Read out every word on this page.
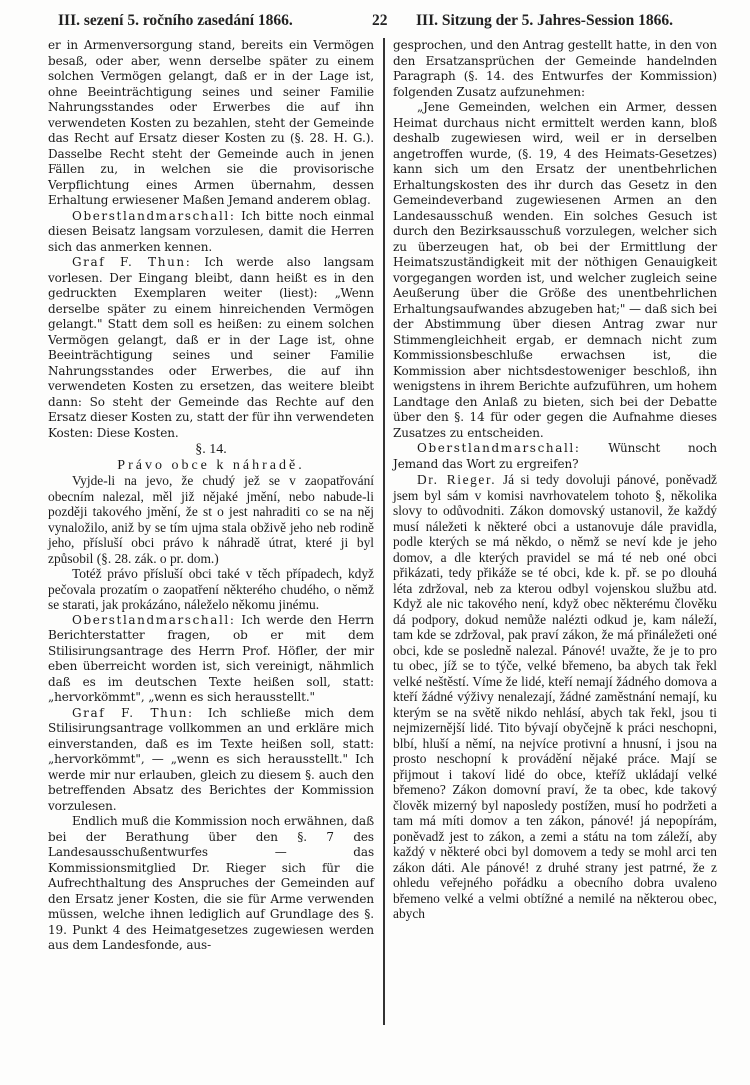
III. sezení 5. ročního zasedání 1866.	22 III. Sitzung der 5. Jahres-Session 1866.

er in Armenversorgung stand, bereits ein Vermögen besaß, oder aber, wenn derselbe später zu einem solchen Vermögen gelangt, daß er in der Lage ist, ohne Beeinträchtigung seines und seiner Familie Nahrungsstandes oder Erwerbes die auf ihn verwendeten Kosten zu bezahlen, steht der Gemeinde das Recht auf Ersatz dieser Kosten zu (§. 28. H. G.). Dasselbe Recht steht der Gemeinde auch in jenen Fällen zu, in welchen sie die provisorische Verpflichtung eines Armen übernahm, dessen Erhaltung erwiesener Maßen Jemand anderem oblag.

Oberstlandmarschall: Ich bitte noch einmal diesen Beisatz langsam vorzulesen, damit die Herren sich das anmerken kennen.

Graf F. Thun: Ich werde also langsam vorlesen. Der Eingang bleibt, dann heißt es in den gedruckten Exemplaren weiter (liest): „Wenn derselbe später zu einem hinreichenden Vermögen gelangt." Statt dem soll es heißen: zu einem solchen Vermögen gelangt, daß er in der Lage ist, ohne Beeinträchtigung seines und seiner Familie Nahrungsstandes oder Erwerbes, die auf ihn verwendeten Kosten zu ersetzen, das weitere bleibt dann: So steht der Gemeinde das Rechte auf den Ersatz dieser Kosten zu, statt der für ihn verwendeten Kosten: Diese Kosten.

§. 14.

Právo obce k náhradě.

Vyjde-li na jevo, že chudý jež se v zaopatřování obecním nalezal, měl již nějaké jmění, nebo nabude-li později takového jmění, že st o jest nahraditi co se na něj vynaložilo, aniž by se tím ujma stala obživě jeho neb rodině jeho, přísluší obci právo k náhradě útrat, které ji byl způsobil (§. 28. zák. o pr. dom.)

Totéž právo přísluší obci také v těch případech, když pečovala prozatím o zaopatření některého chudého, o němž se starati, jak prokázáno, náleželo někomu jinému.

Oberstlandmarschall: Ich werde den Herrn Berichterstatter fragen, ob er mit dem Stilisirungsantrage des Herrn Prof. Höfler, der mir eben überreicht worden ist, sich vereinigt, nähmlich daß es im deutschen Texte heißen soll, statt: „hervorkömmt", „wenn es sich herausstellt."

Graf F. Thun: Ich schließe mich dem Stilisirungsantrage vollkommen an und erkläre mich einverstanden, daß es im Texte heißen soll, statt: „hervorkömmt", — „wenn es sich herausstellt." Ich werde mir nur erlauben, gleich zu diesem §. auch den betreffenden Absatz des Berichtes der Kommission vorzulesen.

Endlich muß die Kommission noch erwähnen, daß bei der Berathung über den §. 7 des Landesausschußentwurfes — das Kommissionsmitglied Dr. Rieger sich für die Aufrechthaltung des Anspruches der Gemeinden auf den Ersatz jener Kosten, die sie für Arme verwenden müssen, welche ihnen lediglich auf Grundlage des §. 19. Punkt 4 des Heimatgesetzes zugewiesen werden aus dem Landesfonde, aus-

gesprochen, und den Antrag gestellt hatte, in den von den Ersatzansprüchen der Gemeinde handelnden Paragraph (§. 14. des Entwurfes der Kommission) folgenden Zusatz aufzunehmen:

„Jene Gemeinden, welchen ein Armer, dessen Heimat durchaus nicht ermittelt werden kann, bloß deshalb zugewiesen wird, weil er in derselben angetroffen wurde, (§. 19, 4 des Heimats-Gesetzes) kann sich um den Ersatz der unentbehrlichen Erhaltungskosten des ihr durch das Gesetz in den Gemeindeverband zugewiesenen Armen an den Landesausschuß wenden. Ein solches Gesuch ist durch den Bezirksausschuß vorzulegen, welcher sich zu überzeugen hat, ob bei der Ermittlung der Heimatszuständigkeit mit der nöthigen Genauigkeit vorgegangen worden ist, und welcher zugleich seine Aeußerung über die Größe des unentbehrlichen Erhaltungsaufwandes abzugeben hat;" — daß sich bei der Abstimmung über diesen Antrag zwar nur Stimmengleichheit ergab, er demnach nicht zum Kommissionsbeschluße erwachsen ist, die Kommission aber nichtsdestoweniger beschloß, ihn wenigstens in ihrem Berichte aufzuführen, um hohem Landtage den Anlaß zu bieten, sich bei der Debatte über den §. 14 für oder gegen die Aufnahme dieses Zusatzes zu entscheiden.

Oberstlandmarschall: Wünscht noch Jemand das Wort zu ergreifen?

Dr. Rieger. Já si tedy dovoluji pánové, poněvadž jsem byl sám v komisi navrhovatelem tohoto §, několika slovy to odůvodniti. Zákon domovský ustanovil, že každý musí náležeti k některé obci a ustanovuje dále pravidla, podle kterých se má někdo, o němž se neví kde je jeho domov, a dle kterých pravidel se má té neb oné obci přikázati, tedy přikáže se té obci, kde k. př. se po dlouhá léta zdržoval, neb za kterou odbyl vojenskou službu atd. Když ale nic takového není, když obec některému člověku dá podpory, dokud nemůže nalézti odkud je, kam náleží, tam kde se zdržoval, pak praví zákon, že má přináležeti oné obci, kde se posledně nalezal. Pánové! uvažte, že je to pro tu obec, jíž se to týče, velké břemeno, ba abych tak řekl velké neštěstí. Víme že lidé, kteří nemají žádného domova a kteří žádné výživy nenalezají, žádné zaměstnání nemají, ku kterým se na světě nikdo nehlásí, abych tak řekl, jsou ti nejmizernější lidé. Tito bývají obyčejně k práci neschopni, blbí, hluší a němí, na nejvíce protivní a hnusní, i jsou na prosto neschopní k provádění nějaké práce. Mají se přijmout i takoví lidé do obce, kteříž ukládají velké břemeno? Zákon domovní praví, že ta obec, kde takový člověk mizerný byl naposledy postížen, musí ho podržeti a tam má míti domov a ten zákon, pánové! já nepopírám, poněvadž jest to zákon, a zemi a státu na tom záleží, aby každý v některé obci byl domovem a tedy se mohl arci ten zákon dáti. Ale pánové! z druhé strany jest patrné, že z ohledu veřejného pořádku a obecního dobra uvaleno břemeno velké a velmi obtížné a nemilé na některou obec, abych
